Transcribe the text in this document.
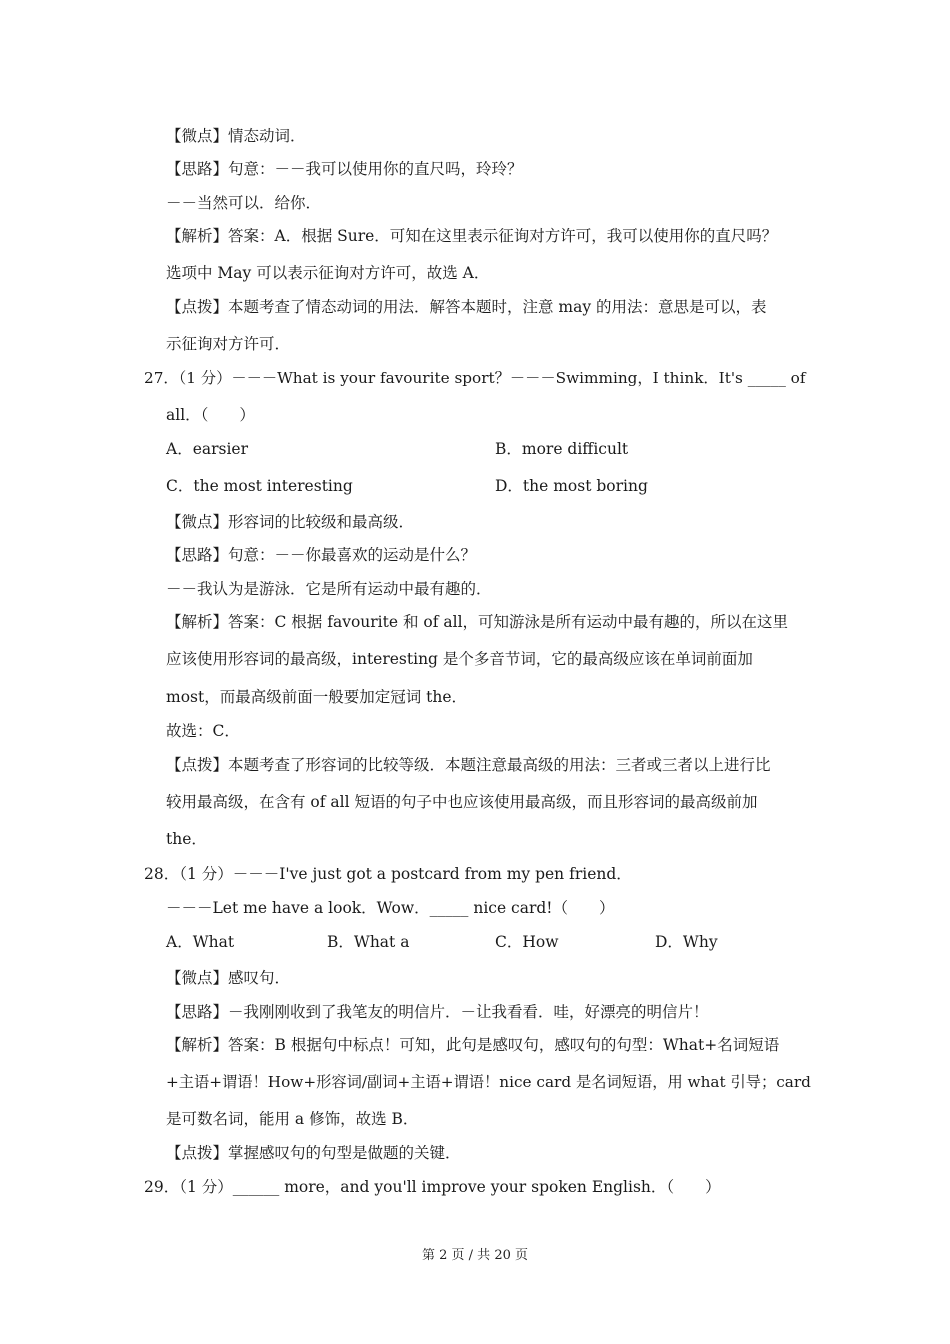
【微点】情态动词．
【思路】句意：－－我可以使用你的直尺吗，玲玲？
－－当然可以．给你．
【解析】答案：A．根据 Sure．可知在这里表示征询对方许可，我可以使用你的直尺吗？
选项中 May 可以表示征询对方许可，故选 A．
【点拨】本题考查了情态动词的用法．解答本题时，注意 may 的用法：意思是可以，表
示征询对方许可．
27．（1 分）－－－What is your favourite sport？－－－Swimming，I think．It's _____ of
all．（　　）
A．earsier	B．more difficult
C．the most interesting	D．the most boring
【微点】形容词的比较级和最高级．
【思路】句意：－－你最喜欢的运动是什么？
－－我认为是游泳．它是所有运动中最有趣的．
【解析】答案：C 根据 favourite 和 of all，可知游泳是所有运动中最有趣的，所以在这里
应该使用形容词的最高级，interesting 是个多音节词，它的最高级应该在单词前面加
most，而最高级前面一般要加定冠词 the．
故选：C．
【点拨】本题考查了形容词的比较等级．本题注意最高级的用法：三者或三者以上进行比
较用最高级，在含有 of all 短语的句子中也应该使用最高级，而且形容词的最高级前加
the．
28．（1 分）－－－I've just got a postcard from my pen friend．
－－－Let me have a look．Wow．_____ nice card!（　　）
A．What	B．What a	C．How	D．Why
【微点】感叹句．
【思路】－我刚刚收到了我笔友的明信片．－让我看看．哇，好漂亮的明信片！
【解析】答案：B 根据句中标点！可知，此句是感叹句，感叹句的句型：What+名词短语
+主语+谓语！How+形容词/副词+主语+谓语！nice card 是名词短语，用 what 引导；card
是可数名词，能用 a 修饰，故选 B．
【点拨】掌握感叹句的句型是做题的关键．
29．（1 分）______ more，and you'll improve your spoken English．（　　）
第 2 页 / 共 20 页
